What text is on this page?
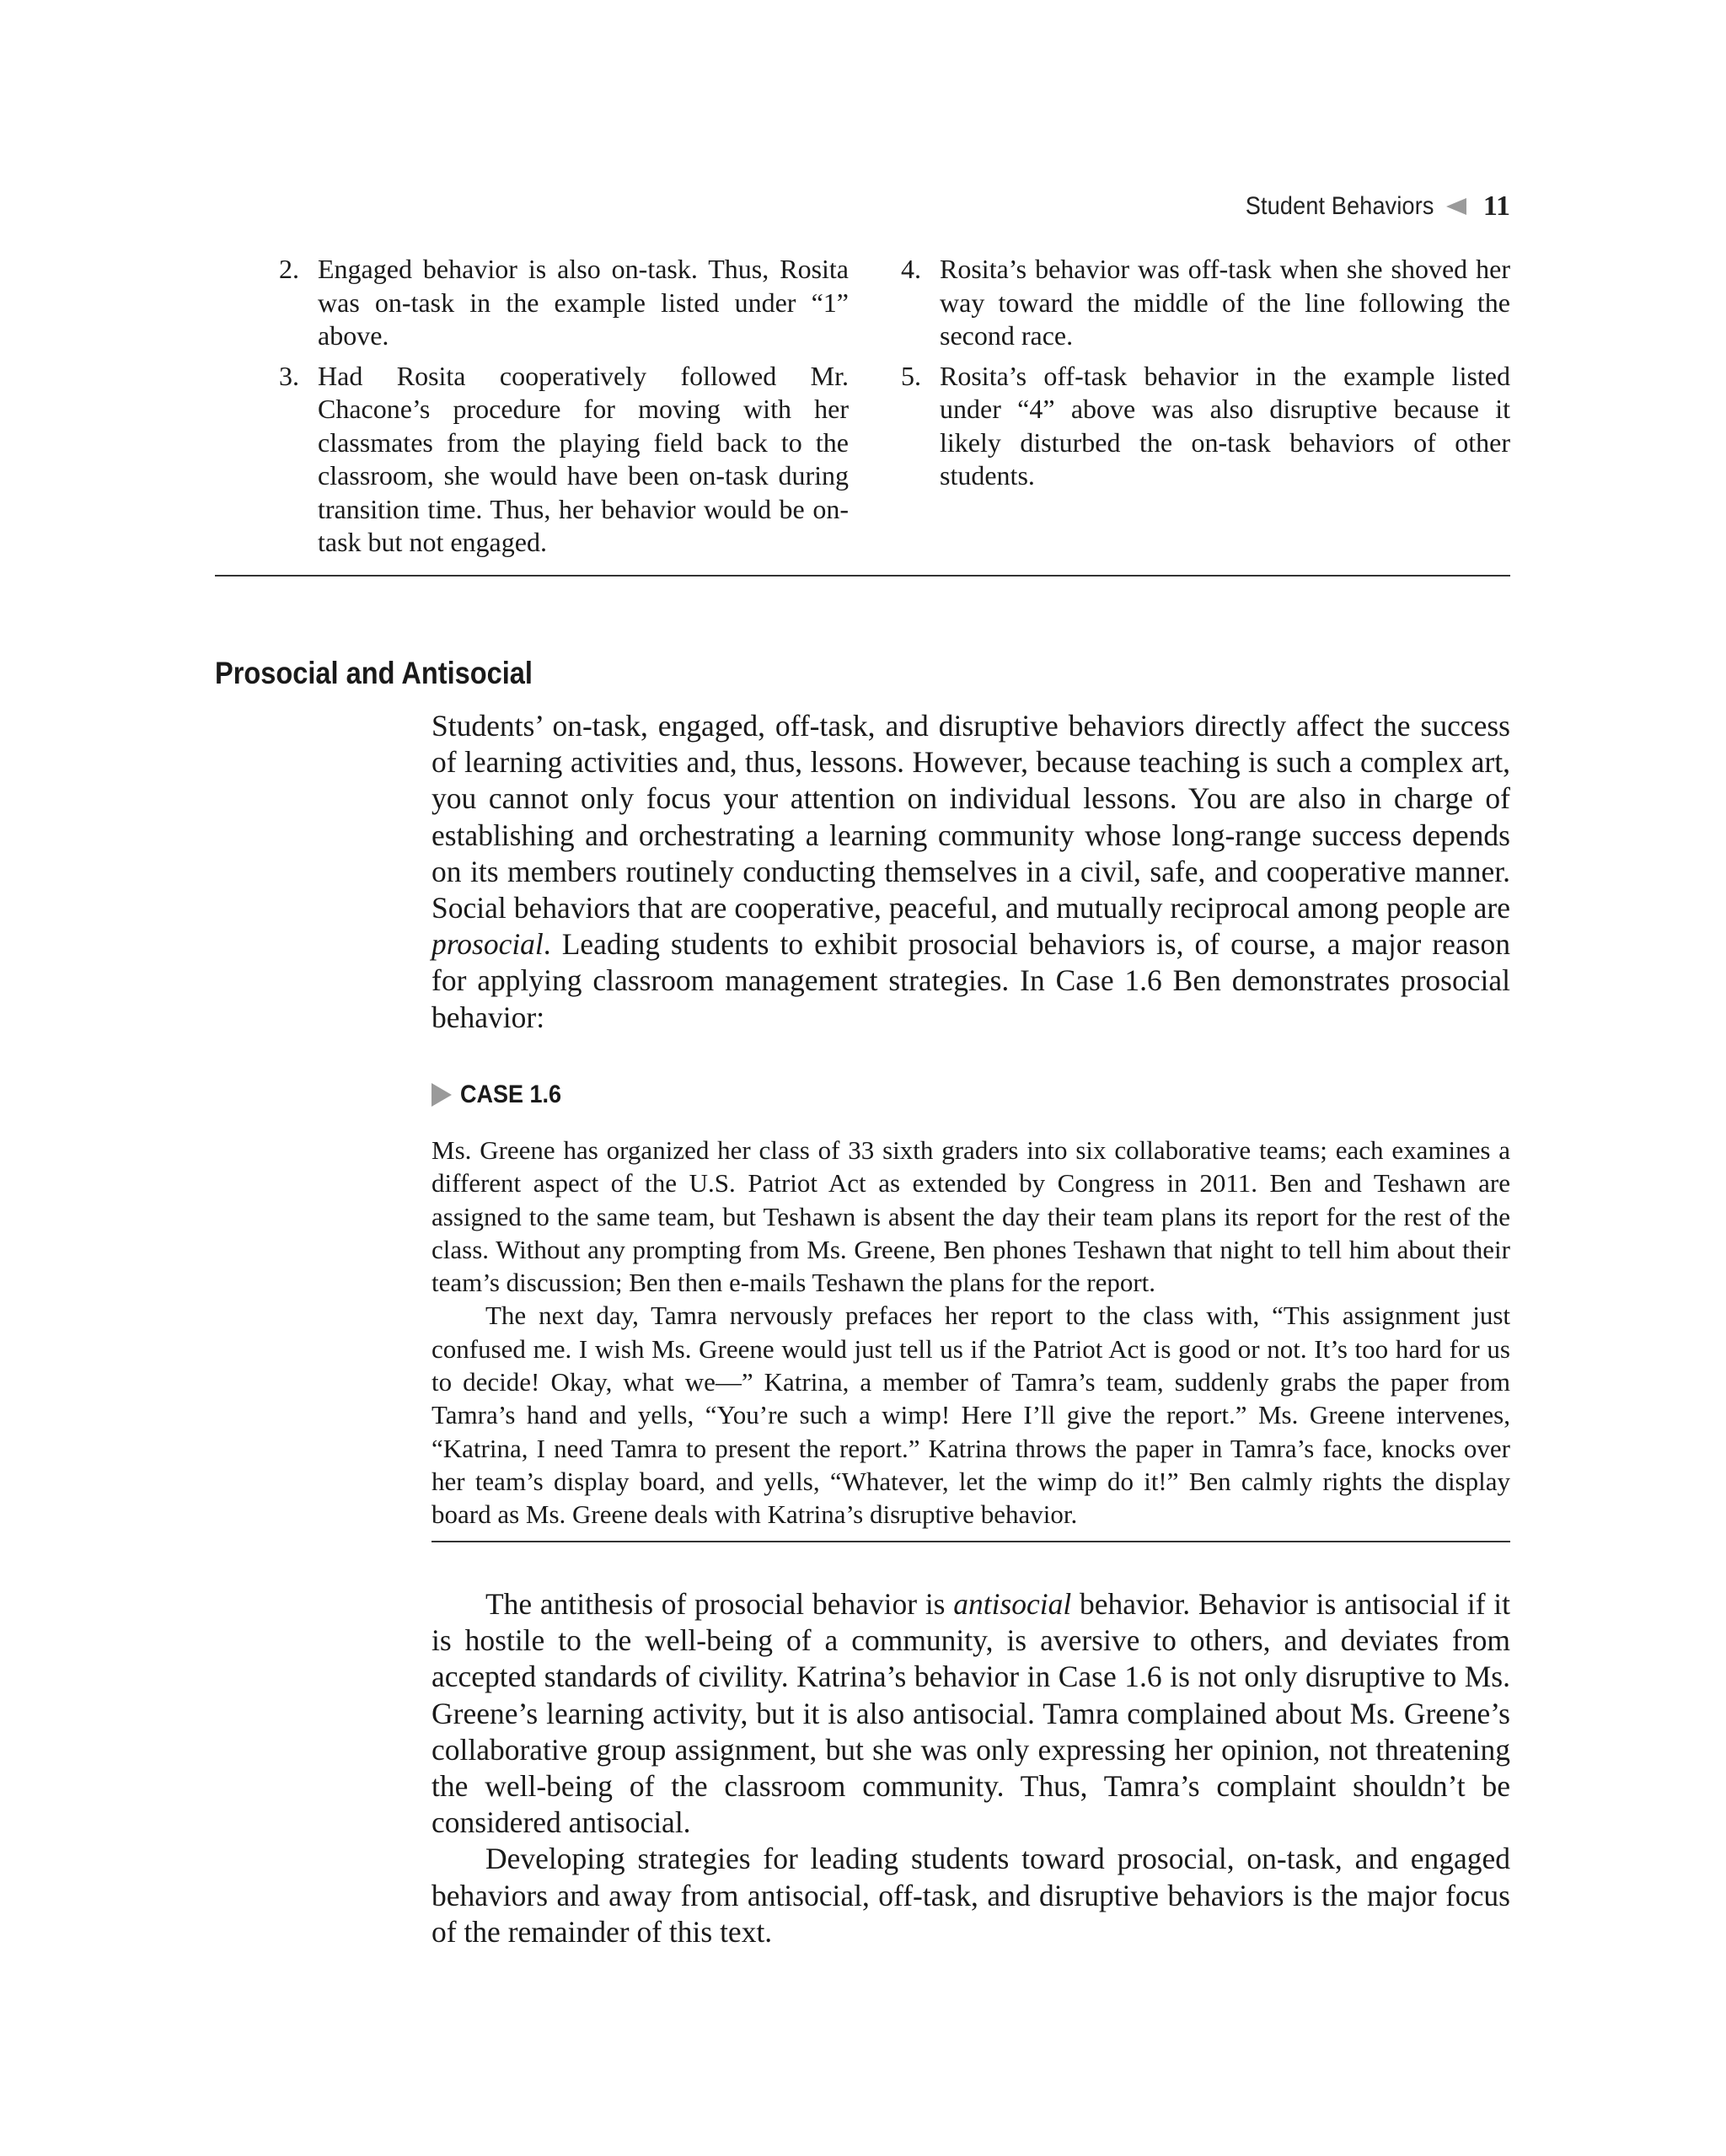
Student Behaviors 11
2. Engaged behavior is also on-task. Thus, Rosita was on-task in the example listed under “1” above.
3. Had Rosita cooperatively followed Mr. Chacone’s procedure for moving with her classmates from the playing field back to the classroom, she would have been on-task during transition time. Thus, her behavior would be on-task but not engaged.
4. Rosita’s behavior was off-task when she shoved her way toward the middle of the line following the second race.
5. Rosita’s off-task behavior in the example listed under “4” above was also disruptive because it likely disturbed the on-task behaviors of other students.
Prosocial and Antisocial

Students’ on-task, engaged, off-task, and disruptive behaviors directly affect the success of learning activities and, thus, lessons. However, because teaching is such a complex art, you cannot only focus your attention on individual lessons. You are also in charge of establishing and orchestrating a learning community whose long-range success depends on its members routinely conducting themselves in a civil, safe, and cooperative manner. Social behaviors that are cooperative, peaceful, and mutually reciprocal among people are prosocial. Leading students to exhibit prosocial behaviors is, of course, a major reason for applying classroom management strategies. In Case 1.6 Ben demonstrates prosocial behavior:

CASE 1.6

Ms. Greene has organized her class of 33 sixth graders into six collaborative teams; each examines a different aspect of the U.S. Patriot Act as extended by Congress in 2011. Ben and Teshawn are assigned to the same team, but Teshawn is absent the day their team plans its report for the rest of the class. Without any prompting from Ms. Greene, Ben phones Teshawn that night to tell him about their team’s discussion; Ben then e-mails Teshawn the plans for the report.

The next day, Tamra nervously prefaces her report to the class with, “This assignment just confused me. I wish Ms. Greene would just tell us if the Patriot Act is good or not. It’s too hard for us to decide! Okay, what we—” Katrina, a member of Tamra’s team, suddenly grabs the paper from Tamra’s hand and yells, “You’re such a wimp! Here I’ll give the report.” Ms. Greene intervenes, “Katrina, I need Tamra to present the report.” Katrina throws the paper in Tamra’s face, knocks over her team’s display board, and yells, “Whatever, let the wimp do it!” Ben calmly rights the display board as Ms. Greene deals with Katrina’s disruptive behavior.

The antithesis of prosocial behavior is antisocial behavior. Behavior is antisocial if it is hostile to the well-being of a community, is aversive to others, and deviates from accepted standards of civility. Katrina’s behavior in Case 1.6 is not only disruptive to Ms. Greene’s learning activity, but it is also antisocial. Tamra complained about Ms. Greene’s collaborative group assignment, but she was only expressing her opinion, not threatening the well-being of the classroom community. Thus, Tamra’s complaint shouldn’t be considered antisocial.

Developing strategies for leading students toward prosocial, on-task, and engaged behaviors and away from antisocial, off-task, and disruptive behaviors is the major focus of the remainder of this text.
